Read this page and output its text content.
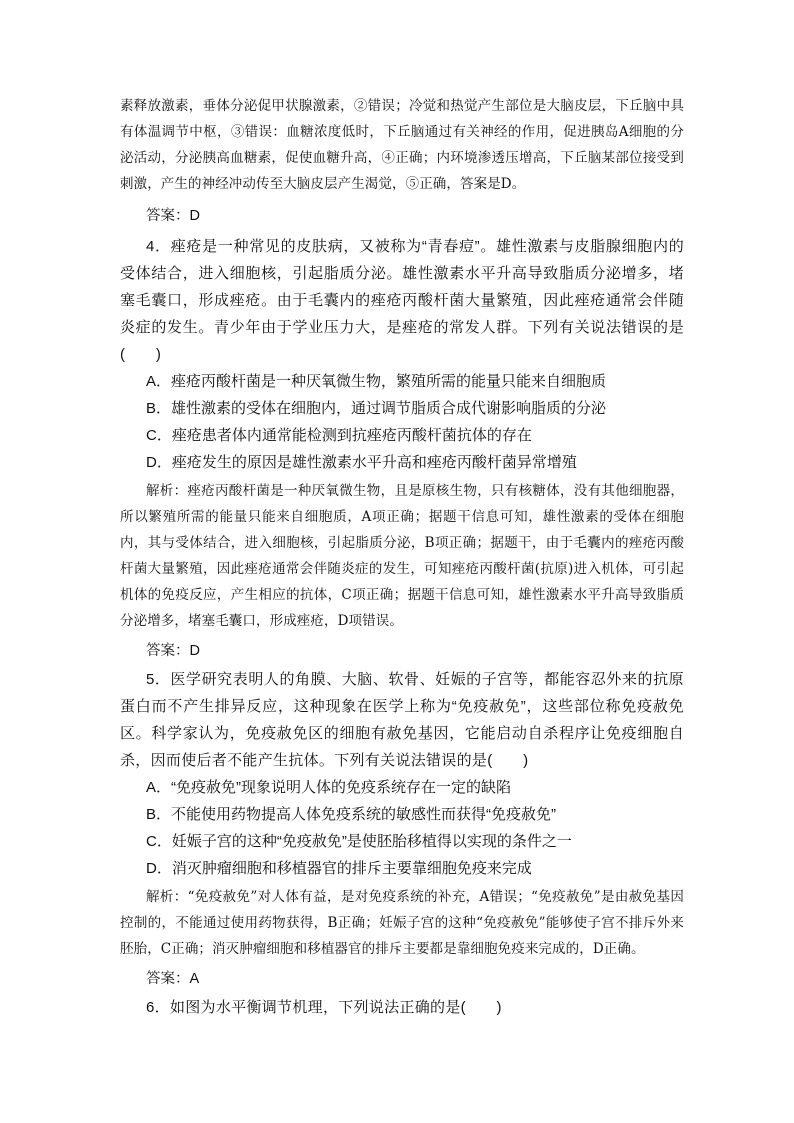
素释放激素，垂体分泌促甲状腺激素，②错误；冷觉和热觉产生部位是大脑皮层，下丘脑中具有体温调节中枢，③错误：血糖浓度低时，下丘脑通过有关神经的作用，促进胰岛A细胞的分泌活动，分泌胰高血糖素，促使血糖升高，④正确；内环境渗透压增高，下丘脑某部位接受到刺激，产生的神经冲动传至大脑皮层产生渴觉，⑤正确，答案是D。

答案：D

4．痤疮是一种常见的皮肤病，又被称为“青春痘”。雄性激素与皮脂腺细胞内的受体结合，进入细胞核，引起脂质分泌。雄性激素水平升高导致脂质分泌增多，堵塞毛囊口，形成痤疮。由于毛囊内的痤疮丙酸杆菌大量繁殖，因此痤疮通常会伴随炎症的发生。青少年由于学业压力大，是痤疮的常发人群。下列有关说法错误的是(　　)

A．痤疮丙酸杆菌是一种厌氧微生物，繁殖所需的能量只能来自细胞质

B．雄性激素的受体在细胞内，通过调节脂质合成代谢影响脂质的分泌

C．痤疮患者体内通常能检测到抗痤疮丙酸杆菌抗体的存在

D．痤疮发生的原因是雄性激素水平升高和痤疮丙酸杆菌异常增殖

解析：痤疮丙酸杆菌是一种厌氧微生物，且是原核生物，只有核糖体，没有其他细胞器，所以繁殖所需的能量只能来自细胞质，A项正确；据题干信息可知，雄性激素的受体在细胞内，其与受体结合，进入细胞核，引起脂质分泌，B项正确；据题干，由于毛囊内的痤疮丙酸杆菌大量繁殖，因此痤疮通常会伴随炎症的发生，可知痤疮丙酸杆菌(抗原)进入机体，可引起机体的免疫反应，产生相应的抗体，C项正确；据题干信息可知，雄性激素水平升高导致脂质分泌增多，堵塞毛囊口，形成痤疮，D项错误。

答案：D

5．医学研究表明人的角膜、大脑、软骨、妊娠的子宫等，都能容忍外来的抗原蛋白而不产生排异反应，这种现象在医学上称为“免疫赦免”，这些部位称免疫赦免区。科学家认为，免疫赦免区的细胞有赦免基因，它能启动自杀程序让免疫细胞自杀，因而使后者不能产生抗体。下列有关说法错误的是(　　)

A．“免疫赦免”现象说明人体的免疫系统存在一定的缺陷

B．不能使用药物提高人体免疫系统的敏感性而获得“免疫赦免”

C．妊娠子宫的这种“免疫赦免”是使胚胎移植得以实现的条件之一

D．消灭肿瘤细胞和移植器官的排斥主要靠细胞免疫来完成

解析：“免疫赦免”对人体有益，是对免疫系统的补充，A错误；“免疫赦免”是由赦免基因控制的，不能通过使用药物获得，B正确；妊娠子宫的这种“免疫赦免”能够使子宫不排斥外来胚胎，C正确；消灭肿瘤细胞和移植器官的排斥主要都是靠细胞免疫来完成的，D正确。

答案：A

6．如图为水平衡调节机理，下列说法正确的是(　　)
